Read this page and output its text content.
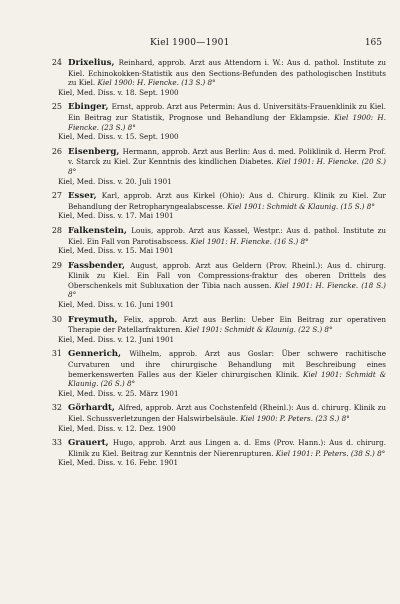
Kiel 1900—1901	165
24 Drixelius, Reinhard, approb. Arzt aus Attendorn i. W.: Aus d. pathol. Institute zu Kiel. Echinokokken-Statistik aus den Sections-Befunden des pathologischen Instituts zu Kiel. Kiel 1900: H. Fiencke. (13 S.) 8°
Kiel, Med. Diss. v. 18. Sept. 1900
25 Ebinger, Ernst, approb. Arzt aus Petermin: Aus d. Universitäts-Frauenklinik zu Kiel. Ein Beitrag zur Statistik, Prognose und Behandlung der Eklampsie. Kiel 1900: H. Fiencke. (23 S.) 8°
Kiel, Med. Diss. v. 15. Sept. 1900
26 Eisenberg, Hermann, approb. Arzt aus Berlin: Aus d. med. Poliklinik d. Herrn Prof. v. Starck zu Kiel. Zur Kenntnis des kindlichen Diabetes. Kiel 1901: H. Fiencke. (20 S.) 8°
Kiel, Med. Diss. v. 20. Juli 1901
27 Esser, Karl, approb. Arzt aus Kirkel (Ohio): Aus d. Chirurg. Klinik zu Kiel. Zur Behandlung der Retropharyngealabscesse. Kiel 1901: Schmidt & Klaunig. (15 S.) 8°
Kiel, Med. Diss. v. 17. Mai 1901
28 Falkenstein, Louis, approb. Arzt aus Kassel, Westpr.: Aus d. pathol. Institute zu Kiel. Ein Fall von Parotisabscess. Kiel 1901: H. Fiencke. (16 S.) 8°
Kiel, Med. Diss. v. 15. Mai 1901
29 Fassbender, August, approb. Arzt aus Geldern (Prov. Rheinl.): Aus d. chirurg. Klinik zu Kiel. Ein Fall von Compressions-fraktur des oberen Drittels des Oberschenkels mit Subluxation der Tibia nach aussen. Kiel 1901: H. Fiencke. (18 S.) 8°
Kiel, Med. Diss. v. 16. Juni 1901
30 Freymuth, Felix, approb. Arzt aus Berlin: Ueber Ein Beitrag zur operativen Therapie der Patellarfrakturen. Kiel 1901: Schmidt & Klaunig. (22 S.) 8°
Kiel, Med. Diss. v. 12. Juni 1901
31 Gennerich, Wilhelm, approb. Arzt aus Goslar: Über schwere rachitische Curvaturen und ihre chirurgische Behandlung mit Beschreibung eines bemerkenswerten Falles aus der Kieler chirurgischen Klinik. Kiel 1901: Schmidt & Klaunig. (26 S.) 8°
Kiel, Med. Diss. v. 25. März 1901
32 Görhardt, Alfred, approb. Arzt aus Cochstenfeld (Rheinl.): Aus d. chirurg. Klinik zu Kiel. Schussverletzungen der Halswirbelsäule. Kiel 1900: P. Peters. (23 S.) 8°
Kiel, Med. Diss. v. 12. Dez. 1900
33 Grauert, Hugo, approb. Arzt aus Lingen a. d. Ems (Prov. Hann.): Aus d. chirurg. Klinik zu Kiel. Beitrag zur Kenntnis der Nierenrupturen. Kiel 1901: P. Peters. (38 S.) 8°
Kiel, Med. Diss. v. 16. Febr. 1901
